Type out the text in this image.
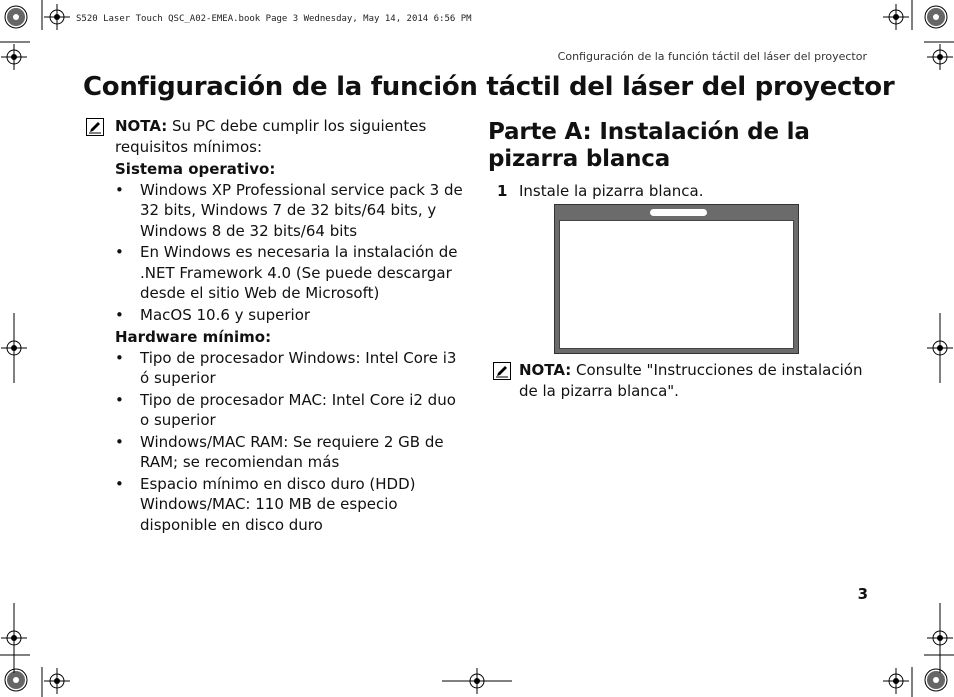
S520 Laser Touch QSC_A02-EMEA.book Page 3 Wednesday, May 14, 2014 6:56 PM
Configuración de la función táctil del láser del proyector
Configuración de la función táctil del láser del proyector
NOTA: Su PC debe cumplir los siguientes requisitos mínimos:
Sistema operativo:
• Windows XP Professional service pack 3 de 32 bits, Windows 7 de 32 bits/64 bits, y Windows 8 de 32 bits/64 bits
• En Windows es necesaria la instalación de .NET Framework 4.0 (Se puede descargar desde el sitio Web de Microsoft)
• MacOS 10.6 y superior
Hardware mínimo:
• Tipo de procesador Windows: Intel Core i3 ó superior
• Tipo de procesador MAC: Intel Core i2 duo o superior
• Windows/MAC RAM: Se requiere 2 GB de RAM; se recomiendan más
• Espacio mínimo en disco duro (HDD) Windows/MAC: 110 MB de especio disponible en disco duro
Parte A: Instalación de la pizarra blanca
1 Instale la pizarra blanca.
NOTA: Consulte "Instrucciones de instalación de la pizarra blanca".
3
